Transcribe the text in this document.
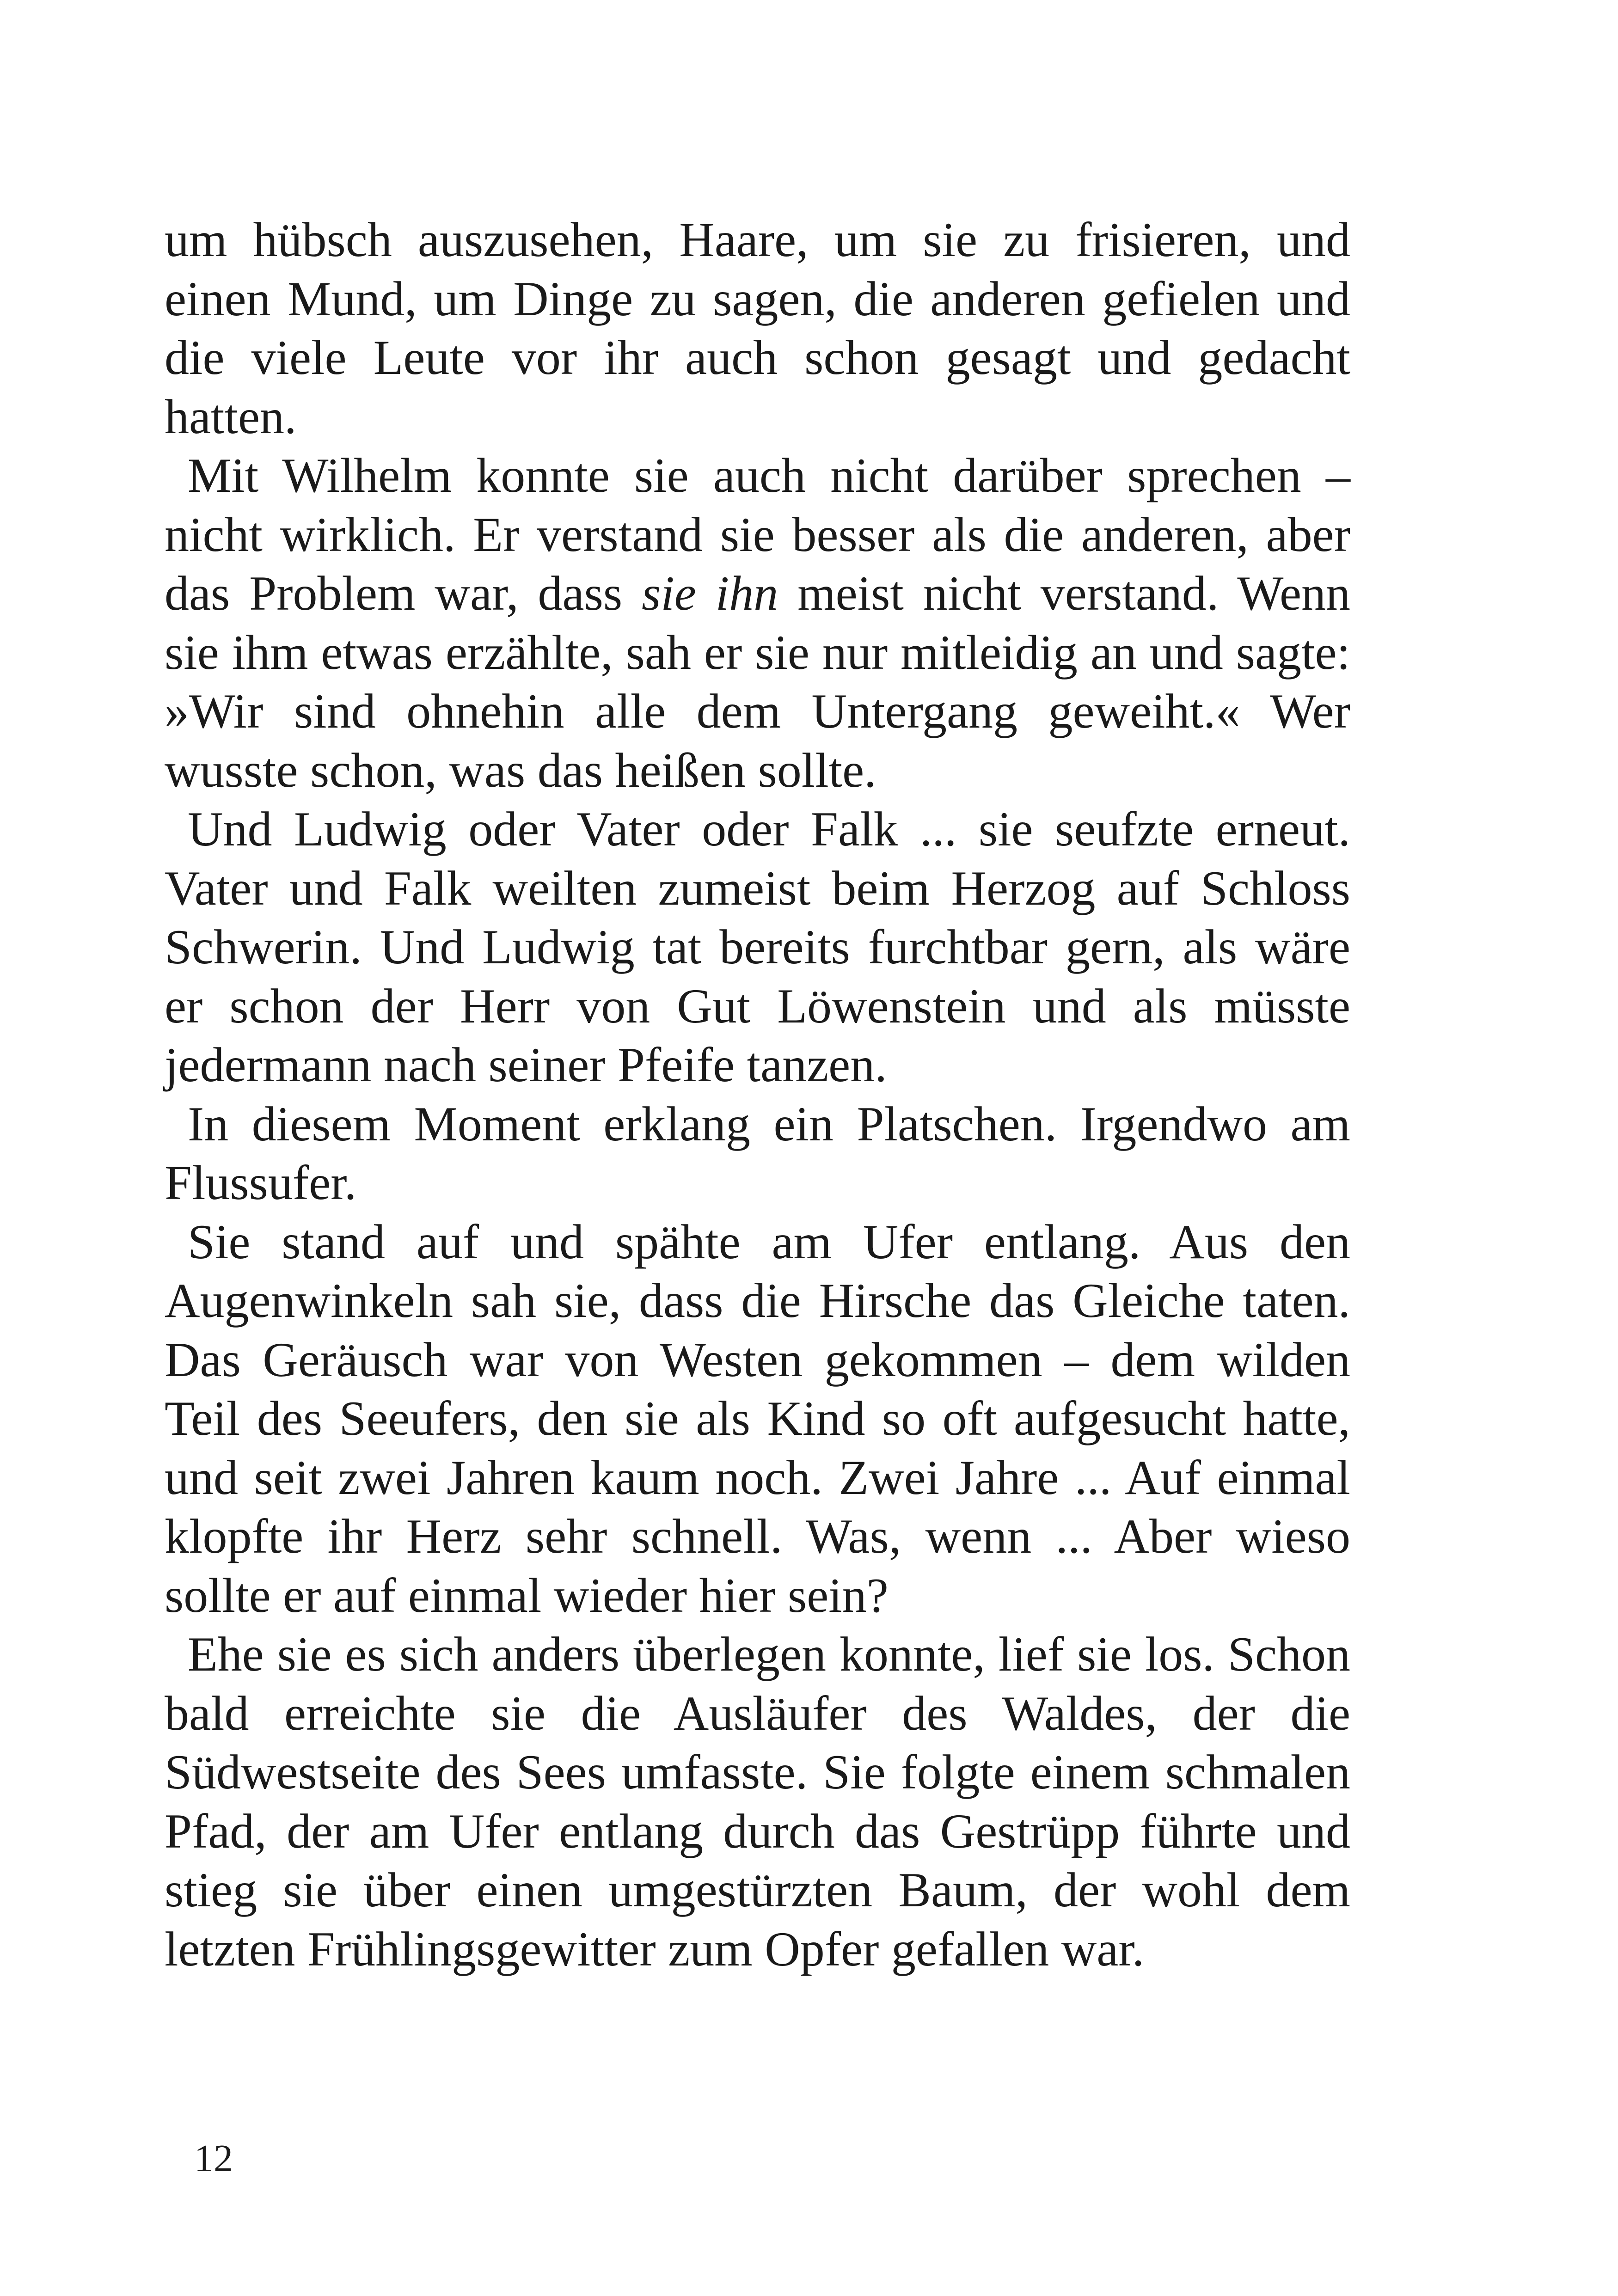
um hübsch auszusehen, Haare, um sie zu frisieren, und einen Mund, um Dinge zu sagen, die anderen gefielen und die viele Leute vor ihr auch schon gesagt und gedacht hatten.

Mit Wilhelm konnte sie auch nicht darüber sprechen – nicht wirklich. Er verstand sie besser als die anderen, aber das Problem war, dass sie ihn meist nicht verstand. Wenn sie ihm etwas erzählte, sah er sie nur mitleidig an und sagte: »Wir sind ohnehin alle dem Untergang geweiht.« Wer wusste schon, was das heißen sollte.

Und Ludwig oder Vater oder Falk ... sie seufzte erneut. Vater und Falk weilten zumeist beim Herzog auf Schloss Schwerin. Und Ludwig tat bereits furchtbar gern, als wäre er schon der Herr von Gut Löwenstein und als müsste jedermann nach seiner Pfeife tanzen.

In diesem Moment erklang ein Platschen. Irgendwo am Flussufer.

Sie stand auf und spähte am Ufer entlang. Aus den Augenwinkeln sah sie, dass die Hirsche das Gleiche taten. Das Geräusch war von Westen gekommen – dem wilden Teil des Seeufers, den sie als Kind so oft aufgesucht hatte, und seit zwei Jahren kaum noch. Zwei Jahre ... Auf einmal klopfte ihr Herz sehr schnell. Was, wenn ... Aber wieso sollte er auf einmal wieder hier sein?

Ehe sie es sich anders überlegen konnte, lief sie los. Schon bald erreichte sie die Ausläufer des Waldes, der die Südwestseite des Sees umfasste. Sie folgte einem schmalen Pfad, der am Ufer entlang durch das Gestrüpp führte und stieg sie über einen umgestürzten Baum, der wohl dem letzten Frühlingsgewitter zum Opfer gefallen war.

12
